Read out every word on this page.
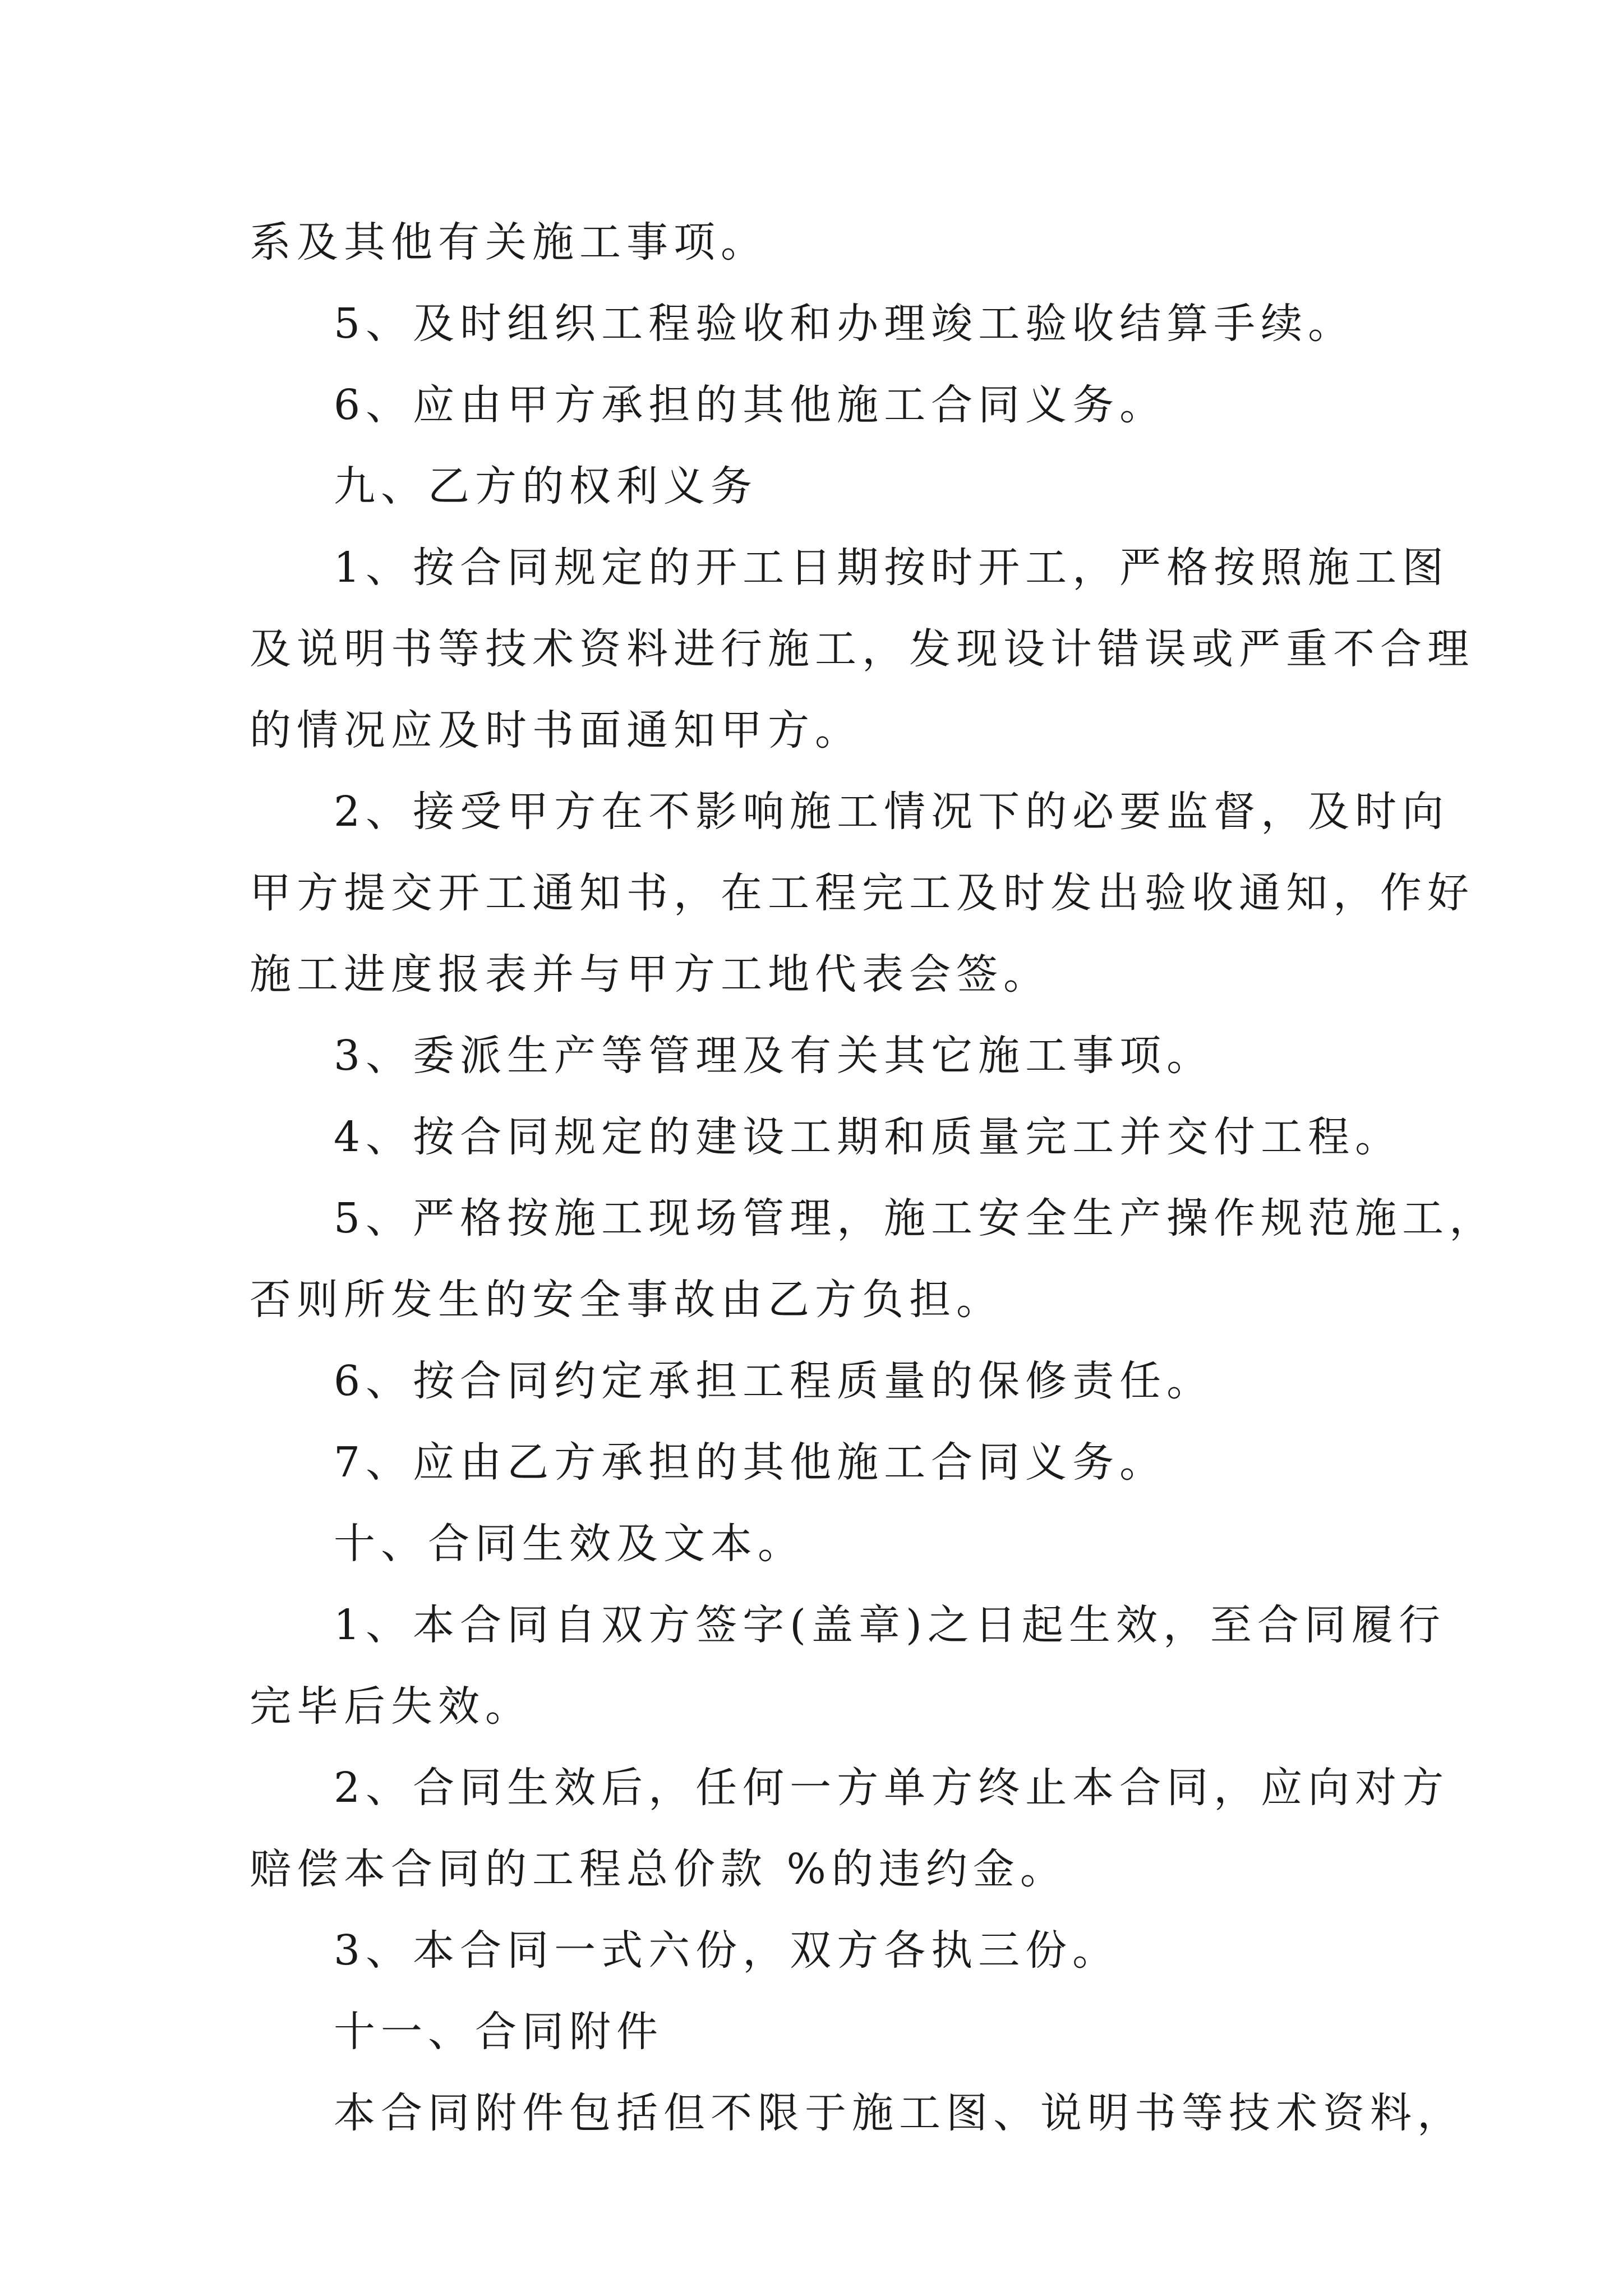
系及其他有关施工事项。
5、及时组织工程验收和办理竣工验收结算手续。
6、应由甲方承担的其他施工合同义务。
九、乙方的权利义务
1、按合同规定的开工日期按时开工，严格按照施工图
及说明书等技术资料进行施工，发现设计错误或严重不合理
的情况应及时书面通知甲方。
2、接受甲方在不影响施工情况下的必要监督，及时向
甲方提交开工通知书，在工程完工及时发出验收通知，作好
施工进度报表并与甲方工地代表会签。
3、委派生产等管理及有关其它施工事项。
4、按合同规定的建设工期和质量完工并交付工程。
5、严格按施工现场管理，施工安全生产操作规范施工，
否则所发生的安全事故由乙方负担。
6、按合同约定承担工程质量的保修责任。
7、应由乙方承担的其他施工合同义务。
十、合同生效及文本。
1、本合同自双方签字(盖章)之日起生效，至合同履行
完毕后失效。
2、合同生效后，任何一方单方终止本合同，应向对方
赔偿本合同的工程总价款 %的违约金。
3、本合同一式六份，双方各执三份。
十一、合同附件
本合同附件包括但不限于施工图、说明书等技术资料，
